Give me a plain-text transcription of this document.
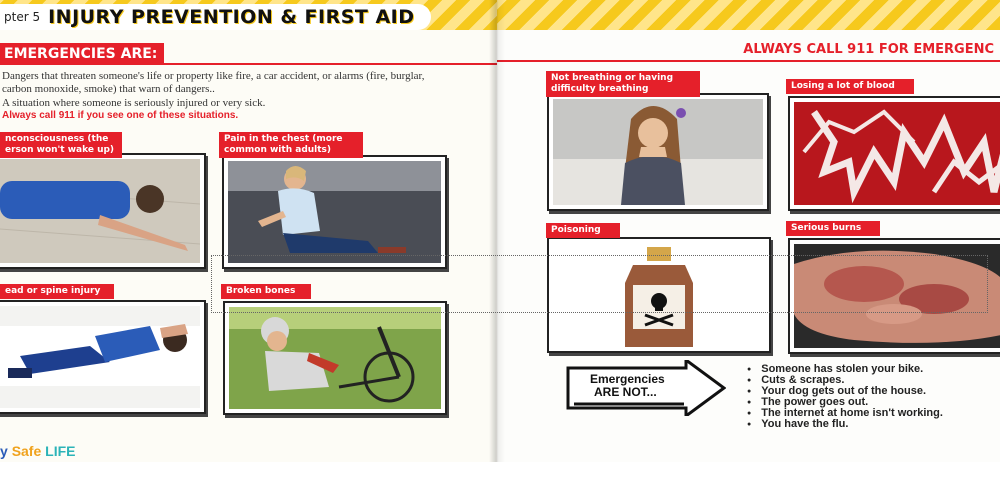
pter 5 INJURY PREVENTION & FIRST AID
EMERGENCIES ARE:
Dangers that threaten someone's life or property like fire, a car accident, or alarms (fire, burglar, carbon monoxide, smoke) that warn of dangers..
A situation where someone is seriously injured or very sick.
Always call 911 if you see one of these situations.
nconsciousness (the erson won't wake up)
Pain in the chest (more common with adults)
ead or spine injury	Broken bones
y Safe LIFE
ALWAYS CALL 911 FOR EMERGENC
Not breathing or having difficulty breathing	Losing a lot of blood
Poisoning	Serious burns
Emergencies
ARE NOT...
● Someone has stolen your bike.
● Cuts & scrapes.
● Your dog gets out of the house.
● The power goes out.
● The internet at home isn't working.
● You have the flu.
